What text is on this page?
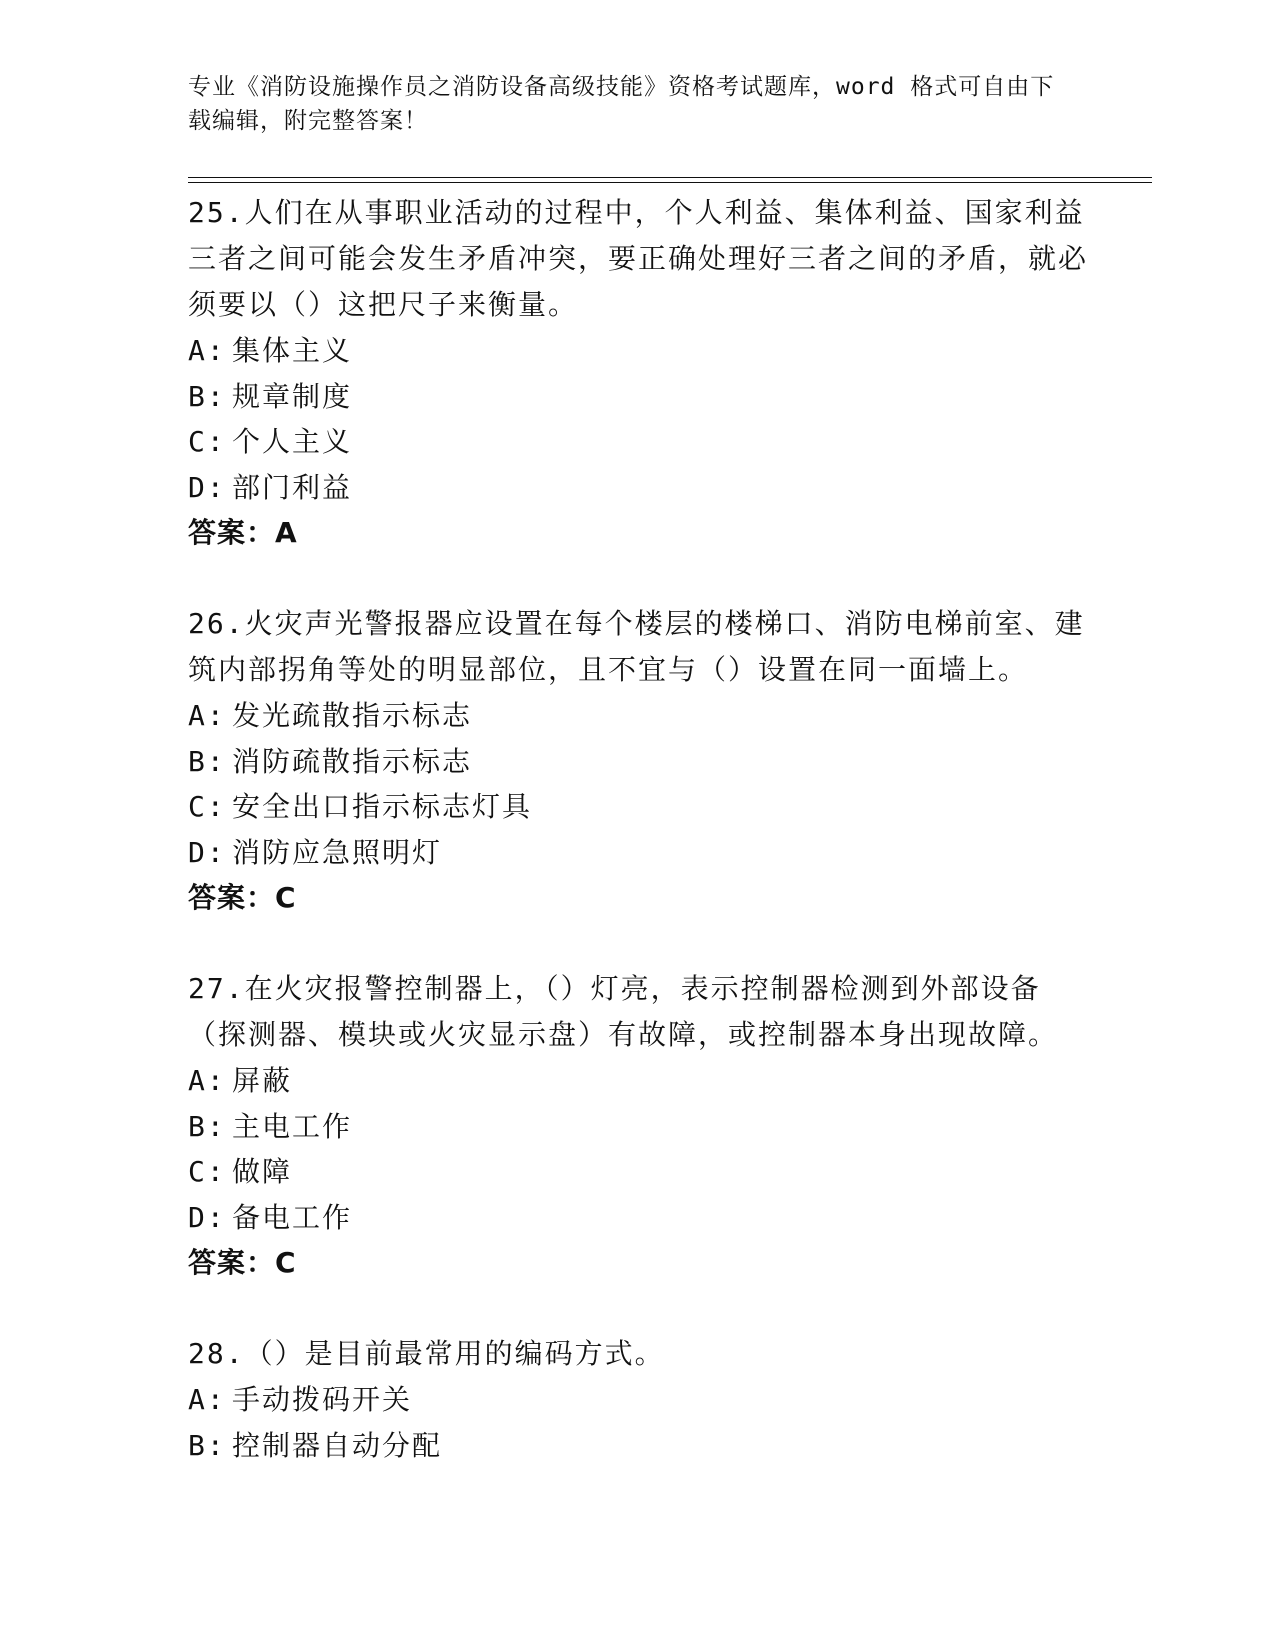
专业《消防设施操作员之消防设备高级技能》资格考试题库，word 格式可自由下载编辑，附完整答案！

25.人们在从事职业活动的过程中，个人利益、集体利益、国家利益三者之间可能会发生矛盾冲突，要正确处理好三者之间的矛盾，就必须要以（）这把尺子来衡量。

A: 集体主义
B: 规章制度
C: 个人主义
D: 部门利益
答案：A

26.火灾声光警报器应设置在每个楼层的楼梯口、消防电梯前室、建筑内部拐角等处的明显部位，且不宜与（）设置在同一面墙上。

A: 发光疏散指示标志
B: 消防疏散指示标志
C: 安全出口指示标志灯具
D: 消防应急照明灯
答案：C

27.在火灾报警控制器上，（）灯亮，表示控制器检测到外部设备（探测器、模块或火灾显示盘）有故障，或控制器本身出现故障。

A: 屏蔽
B: 主电工作
C: 做障
D: 备电工作
答案：C

28.（）是目前最常用的编码方式。

A: 手动拨码开关
B: 控制器自动分配
